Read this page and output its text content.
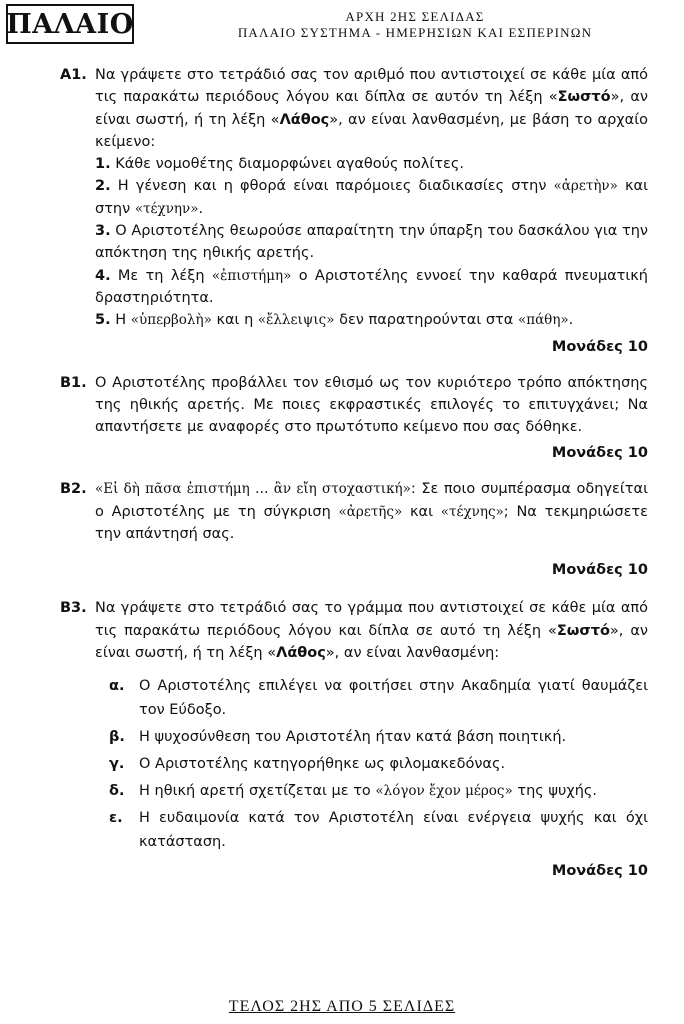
ΠΑΛΑΙΟ	ΑΡΧΗ 2ΗΣ ΣΕΛΙΔΑΣ
ΠΑΛΑΙΟ ΣΥΣΤΗΜΑ - ΗΜΕΡΗΣΙΩΝ ΚΑΙ ΕΣΠΕΡΙΝΩΝ
Α1. Να γράψετε στο τετράδιό σας τον αριθμό που αντιστοιχεί σε κάθε μία από τις παρακάτω περιόδους λόγου και δίπλα σε αυτόν τη λέξη «Σωστό», αν είναι σωστή, ή τη λέξη «Λάθος», αν είναι λανθασμένη, με βάση το αρχαίο κείμενο:

1. Κάθε νομοθέτης διαμορφώνει αγαθούς πολίτες.

2. Η γένεση και η φθορά είναι παρόμοιες διαδικασίες στην «ἀρετὴν» και στην «τέχνην».

3. Ο Αριστοτέλης θεωρούσε απαραίτητη την ύπαρξη του δασκάλου για την απόκτηση της ηθικής αρετής.

4. Με τη λέξη «ἐπιστήμη» ο Αριστοτέλης εννοεί την καθαρά πνευματική δραστηριότητα.

5. Η «ὑπερβολὴ» και η «ἔλλειψις» δεν παρατηρούνται στα «πάθη».

Μονάδες 10
Β1. Ο Αριστοτέλης προβάλλει τον εθισμό ως τον κυριότερο τρόπο απόκτησης της ηθικής αρετής. Με ποιες εκφραστικές επιλογές το επιτυγχάνει; Να απαντήσετε με αναφορές στο πρωτότυπο κείμενο που σας δόθηκε.

Μονάδες 10
Β2. «Εἰ δὴ πᾶσα ἐπιστήμη … ἂν εἴη στοχαστική»: Σε ποιο συμπέρασμα οδηγείται ο Αριστοτέλης με τη σύγκριση «ἀρετῆς» και «τέχνης»; Να τεκμηριώσετε την απάντησή σας.

Μονάδες 10
Β3. Να γράψετε στο τετράδιό σας το γράμμα που αντιστοιχεί σε κάθε μία από τις παρακάτω περιόδους λόγου και δίπλα σε αυτό τη λέξη «Σωστό», αν είναι σωστή, ή τη λέξη «Λάθος», αν είναι λανθασμένη:

α.	Ο Αριστοτέλης επιλέγει να φοιτήσει στην Ακαδημία γιατί θαυμάζει τον Εύδοξο.
β. Η ψυχοσύνθεση του Αριστοτέλη ήταν κατά βάση ποιητική.
γ.	Ο Αριστοτέλης κατηγορήθηκε ως φιλομακεδόνας.
δ.	Η ηθική αρετή σχετίζεται με το «λόγον ἔχον μέρος» της ψυχής.
ε.	Η ευδαιμονία κατά τον Αριστοτέλη είναι ενέργεια ψυχής και όχι κατάσταση.
Μονάδες 10
ΤΕΛΟΣ 2ΗΣ ΑΠΟ 5 ΣΕΛΙΔΕΣ
